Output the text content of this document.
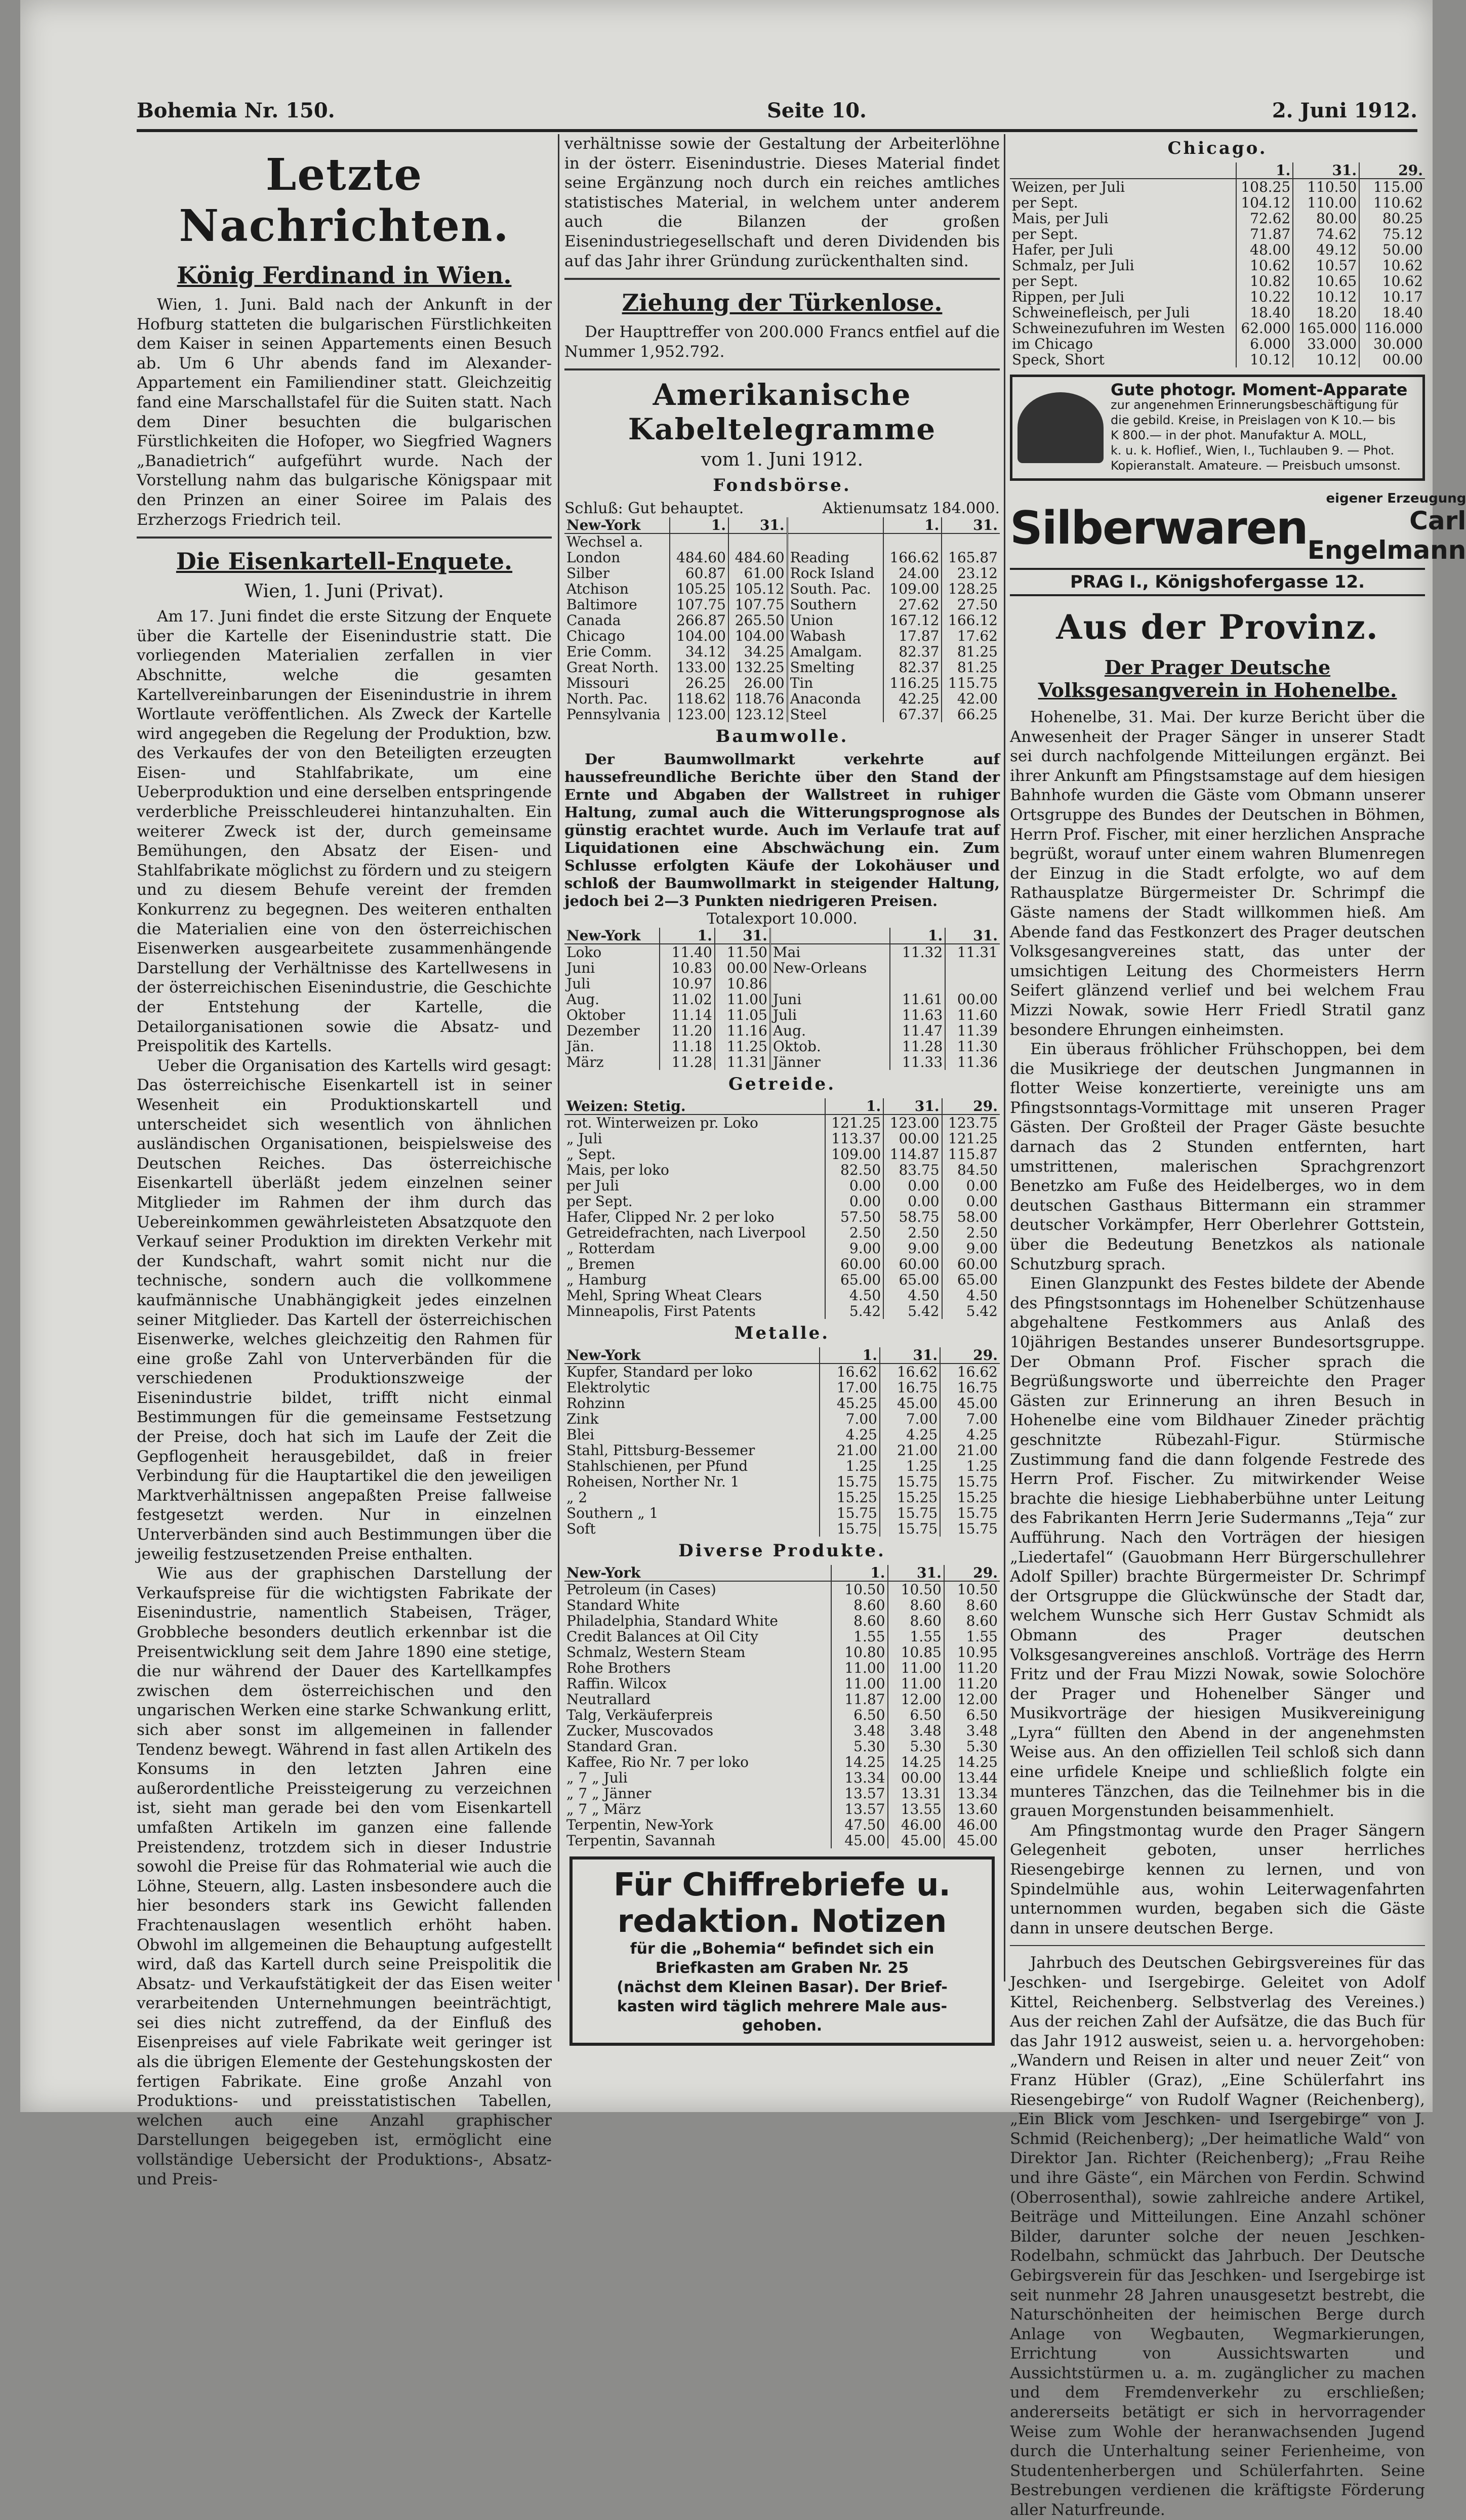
Bohemia Nr. 150.	Seite 10.	2. Juni 1912.
Letzte Nachrichten.
König Ferdinand in Wien.

Wien, 1. Juni. Bald nach der Ankunft in der Hofburg statteten die bulgarischen Fürstlichkeiten dem Kaiser in seinen Appartements einen Besuch ab. Um 6 Uhr abends fand im Alexander-Appartement ein Familiendiner statt. Gleichzeitig fand eine Marschallstafel für die Suiten statt. Nach dem Diner besuchten die bulgarischen Fürstlichkeiten die Hofoper, wo Siegfried Wagners „Banadietrich“ aufgeführt wurde. Nach der Vorstellung nahm das bulgarische Königspaar mit den Prinzen an einer Soiree im Palais des Erzherzogs Friedrich teil.

Die Eisenkartell-Enquete.
Wien, 1. Juni (Privat).

Am 17. Juni findet die erste Sitzung der Enquete über die Kartelle der Eisenindustrie statt. Die vorliegenden Materialien zerfallen in vier Abschnitte, welche die gesamten Kartellvereinbarungen der Eisenindustrie in ihrem Wortlaute veröffentlichen. Als Zweck der Kartelle wird angegeben die Regelung der Produktion, bzw. des Verkaufes der von den Beteiligten erzeugten Eisen- und Stahlfabrikate, um eine Ueberproduktion und eine derselben entspringende verderbliche Preisschleuderei hintanzuhalten. Ein weiterer Zweck ist der, durch gemeinsame Bemühungen, den Absatz der Eisen- und Stahlfabrikate möglichst zu fördern und zu steigern und zu diesem Behufe vereint der fremden Konkurrenz zu begegnen. Des weiteren enthalten die Materialien eine von den österreichischen Eisenwerken ausgearbeitete zusammenhängende Darstellung der Verhältnisse des Kartellwesens in der österreichischen Eisenindustrie, die Geschichte der Entstehung der Kartelle, die Detailorganisationen sowie die Absatz- und Preispolitik des Kartells.

Ueber die Organisation des Kartells wird gesagt: Das österreichische Eisenkartell ist in seiner Wesenheit ein Produktionskartell und unterscheidet sich wesentlich von ähnlichen ausländischen Organisationen, beispielsweise des Deutschen Reiches. Das österreichische Eisenkartell überläßt jedem einzelnen seiner Mitglieder im Rahmen der ihm durch das Uebereinkommen gewährleisteten Absatzquote den Verkauf seiner Produktion im direkten Verkehr mit der Kundschaft, wahrt somit nicht nur die technische, sondern auch die vollkommene kaufmännische Unabhängigkeit jedes einzelnen seiner Mitglieder. Das Kartell der österreichischen Eisenwerke, welches gleichzeitig den Rahmen für eine große Zahl von Unterverbänden für die verschiedenen Produktionszweige der Eisenindustrie bildet, trifft nicht einmal Bestimmungen für die gemeinsame Festsetzung der Preise, doch hat sich im Laufe der Zeit die Gepflogenheit herausgebildet, daß in freier Verbindung für die Hauptartikel die den jeweiligen Marktverhältnissen angepaßten Preise fallweise festgesetzt werden. Nur in einzelnen Unterverbänden sind auch Bestimmungen über die jeweilig festzusetzenden Preise enthalten.

Wie aus der graphischen Darstellung der Verkaufspreise für die wichtigsten Fabrikate der Eisenindustrie, namentlich Stabeisen, Träger, Grobbleche besonders deutlich erkennbar ist die Preisentwicklung seit dem Jahre 1890 eine stetige, die nur während der Dauer des Kartellkampfes zwischen dem österreichischen und den ungarischen Werken eine starke Schwankung erlitt, sich aber sonst im allgemeinen in fallender Tendenz bewegt. Während in fast allen Artikeln des Konsums in den letzten Jahren eine außerordentliche Preissteigerung zu verzeichnen ist, sieht man gerade bei den vom Eisenkartell umfaßten Artikeln im ganzen eine fallende Preistendenz, trotzdem sich in dieser Industrie sowohl die Preise für das Rohmaterial wie auch die Löhne, Steuern, allg. Lasten insbesondere auch die hier besonders stark ins Gewicht fallenden Frachtenauslagen wesentlich erhöht haben. Obwohl im allgemeinen die Behauptung aufgestellt wird, daß das Kartell durch seine Preispolitik die Absatz- und Verkaufstätigkeit der das Eisen weiter verarbeitenden Unternehmungen beeinträchtigt, sei dies nicht zutreffend, da der Einfluß des Eisenpreises auf viele Fabrikate weit geringer ist als die übrigen Elemente der Gestehungskosten der fertigen Fabrikate. Eine große Anzahl von Produktions- und preisstatistischen Tabellen, welchen auch eine Anzahl graphischer Darstellungen beigegeben ist, ermöglicht eine vollständige Uebersicht der Produktions-, Absatz- und Preis-

verhältnisse sowie der Gestaltung der Arbeiterlöhne in der österr. Eisenindustrie. Dieses Material findet seine Ergänzung noch durch ein reiches amtliches statistisches Material, in welchem unter anderem auch die Bilanzen der großen Eisenindustriegesellschaft und deren Dividenden bis auf das Jahr ihrer Gründung zurückenthalten sind.

Ziehung der Türkenlose.

Der Haupttreffer von 200.000 Francs entfiel auf die Nummer 1,952.792.

Amerikanische Kabeltelegramme
vom 1. Juni 1912.
Fondsbörse.
Schluß: Gut behauptet.	Aktienumsatz 184.000.
New-York	1.	31.		1.	31.
Wechsel a.					
London	484.60	484.60	Reading	166.62	165.87
Silber	60.87	61.00	Rock Island	24.00	23.12
Atchison	105.25	105.12	South. Pac.	109.00	128.25
Baltimore	107.75	107.75	Southern	27.62	27.50
Canada	266.87	265.50	Union	167.12	166.12
Chicago	104.00	104.00	Wabash	17.87	17.62
Erie Comm.	34.12	34.25	Amalgam.	82.37	81.25
Great North.	133.00	132.25	Smelting	82.37	81.25
Missouri	26.25	26.00	Tin	116.25	115.75
North. Pac.	118.62	118.76	Anaconda	42.25	42.00
Pennsylvania	123.00	123.12	Steel	67.37	66.25
Baumwolle.

Der Baumwollmarkt verkehrte auf haussefreundliche Berichte über den Stand der Ernte und Abgaben der Wallstreet in ruhiger Haltung, zumal auch die Witterungsprognose als günstig erachtet wurde. Auch im Verlaufe trat auf Liquidationen eine Abschwächung ein. Zum Schlusse erfolgten Käufe der Lokohäuser und schloß der Baumwollmarkt in steigender Haltung, jedoch bei 2—3 Punkten niedrigeren Preisen.

Totalexport 10.000.
New-York	1.	31.		1.	31.
Loko	11.40	11.50	Mai	11.32	11.31
Juni	10.83	00.00	New-Orleans		
Juli	10.97	10.86			
Aug.	11.02	11.00	Juni	11.61	00.00
Oktober	11.14	11.05	Juli	11.63	11.60
Dezember	11.20	11.16	Aug.	11.47	11.39
Jän.	11.18	11.25	Oktob.	11.28	11.30
März	11.28	11.31	Jänner	11.33	11.36
Getreide.
Weizen: Stetig.	1.	31.	29.
rot. Winterweizen pr. Loko	121.25	123.00	123.75
„ Juli	113.37	00.00	121.25
„ Sept.	109.00	114.87	115.87
Mais, per loko	82.50	83.75	84.50
per Juli	0.00	0.00	0.00
per Sept.	0.00	0.00	0.00
Hafer, Clipped Nr. 2 per loko	57.50	58.75	58.00
Getreidefrachten, nach Liverpool	2.50	2.50	2.50
„ Rotterdam	9.00	9.00	9.00
„ Bremen	60.00	60.00	60.00
„ Hamburg	65.00	65.00	65.00
Mehl, Spring Wheat Clears	4.50	4.50	4.50
Minneapolis, First Patents	5.42	5.42	5.42
Metalle.
New-York	1.	31.	29.
Kupfer, Standard per loko	16.62	16.62	16.62
Elektrolytic	17.00	16.75	16.75
Rohzinn	45.25	45.00	45.00
Zink	7.00	7.00	7.00
Blei	4.25	4.25	4.25
Stahl, Pittsburg-Bessemer	21.00	21.00	21.00
Stahlschienen, per Pfund	1.25	1.25	1.25
Roheisen, Norther Nr. 1	15.75	15.75	15.75
„ 2	15.25	15.25	15.25
Southern „ 1	15.75	15.75	15.75
Soft	15.75	15.75	15.75
Diverse Produkte.
New-York	1.	31.	29.
Petroleum (in Cases)	10.50	10.50	10.50
Standard White	8.60	8.60	8.60
Philadelphia, Standard White	8.60	8.60	8.60
Credit Balances at Oil City	1.55	1.55	1.55
Schmalz, Western Steam	10.80	10.85	10.95
Rohe Brothers	11.00	11.00	11.20
Raffin. Wilcox	11.00	11.00	11.20
Neutrallard	11.87	12.00	12.00
Talg, Verkäuferpreis	6.50	6.50	6.50
Zucker, Muscovados	3.48	3.48	3.48
Standard Gran.	5.30	5.30	5.30
Kaffee, Rio Nr. 7 per loko	14.25	14.25	14.25
„ 7 „ Juli	13.34	00.00	13.44
„ 7 „ Jänner	13.57	13.31	13.34
„ 7 „ März	13.57	13.55	13.60
Terpentin, New-York	47.50	46.00	46.00
Terpentin, Savannah	45.00	45.00	45.00
Für Chiffrebriefe u.
redaktion. Notizen
für die „Bohemia“ befindet sich ein
Briefkasten am Graben Nr. 25
(nächst dem Kleinen Basar). Der Brief-
kasten wird täglich mehrere Male aus-
gehoben.
Chicago.
	1.	31.	29.
Weizen, per Juli	108.25	110.50	115.00
per Sept.	104.12	110.00	110.62
Mais, per Juli	72.62	80.00	80.25
per Sept.	71.87	74.62	75.12
Hafer, per Juli	48.00	49.12	50.00
Schmalz, per Juli	10.62	10.57	10.62
per Sept.	10.82	10.65	10.62
Rippen, per Juli	10.22	10.12	10.17
Schweinefleisch, per Juli	18.40	18.20	18.40
Schweinezufuhren im Westen	62.000	165.000	116.000
im Chicago	6.000	33.000	30.000
Speck, Short	10.12	10.12	00.00
Gute photogr. Moment-Apparate
zur angenehmen Erinnerungsbeschäftigung für
die gebild. Kreise, in Preislagen von K 10.— bis
K 800.— in der phot. Manufaktur A. MOLL,
k. u. k. Hoflief., Wien, I., Tuchlauben 9. — Phot.
Kopieranstalt. Amateure. — Preisbuch umsonst.
Silberwaren
eigener Erzeugung
Carl Engelmann
PRAG I., Königshofergasse 12.
Aus der Provinz.
Der Prager Deutsche Volksgesangverein in Hohenelbe.

Hohenelbe, 31. Mai. Der kurze Bericht über die Anwesenheit der Prager Sänger in unserer Stadt sei durch nachfolgende Mitteilungen ergänzt. Bei ihrer Ankunft am Pfingstsamstage auf dem hiesigen Bahnhofe wurden die Gäste vom Obmann unserer Ortsgruppe des Bundes der Deutschen in Böhmen, Herrn Prof. Fischer, mit einer herzlichen Ansprache begrüßt, worauf unter einem wahren Blumenregen der Einzug in die Stadt erfolgte, wo auf dem Rathausplatze Bürgermeister Dr. Schrimpf die Gäste namens der Stadt willkommen hieß. Am Abende fand das Festkonzert des Prager deutschen Volksgesangvereines statt, das unter der umsichtigen Leitung des Chormeisters Herrn Seifert glänzend verlief und bei welchem Frau Mizzi Nowak, sowie Herr Friedl Stratil ganz besondere Ehrungen einheimsten.

Ein überaus fröhlicher Frühschoppen, bei dem die Musikriege der deutschen Jungmannen in flotter Weise konzertierte, vereinigte uns am Pfingstsonntags-Vormittage mit unseren Prager Gästen. Der Großteil der Prager Gäste besuchte darnach das 2 Stunden entfernten, hart umstrittenen, malerischen Sprachgrenzort Benetzko am Fuße des Heidelberges, wo in dem deutschen Gasthaus Bittermann ein strammer deutscher Vorkämpfer, Herr Oberlehrer Gottstein, über die Bedeutung Benetzkos als nationale Schutzburg sprach.

Einen Glanzpunkt des Festes bildete der Abende des Pfingstsonntags im Hohenelber Schützenhause abgehaltene Festkommers aus Anlaß des 10jährigen Bestandes unserer Bundesortsgruppe. Der Obmann Prof. Fischer sprach die Begrüßungsworte und überreichte den Prager Gästen zur Erinnerung an ihren Besuch in Hohenelbe eine vom Bildhauer Zineder prächtig geschnitzte Rübezahl-Figur. Stürmische Zustimmung fand die dann folgende Festrede des Herrn Prof. Fischer. Zu mitwirkender Weise brachte die hiesige Liebhaberbühne unter Leitung des Fabrikanten Herrn Jerie Sudermanns „Teja“ zur Aufführung. Nach den Vorträgen der hiesigen „Liedertafel“ (Gauobmann Herr Bürgerschullehrer Adolf Spiller) brachte Bürgermeister Dr. Schrimpf der Ortsgruppe die Glückwünsche der Stadt dar, welchem Wunsche sich Herr Gustav Schmidt als Obmann des Prager deutschen Volksgesangvereines anschloß. Vorträge des Herrn Fritz und der Frau Mizzi Nowak, sowie Solochöre der Prager und Hohenelber Sänger und Musikvorträge der hiesigen Musikvereinigung „Lyra“ füllten den Abend in der angenehmsten Weise aus. An den offiziellen Teil schloß sich dann eine urfidele Kneipe und schließlich folgte ein munteres Tänzchen, das die Teilnehmer bis in die grauen Morgenstunden beisammenhielt.

Am Pfingstmontag wurde den Prager Sängern Gelegenheit geboten, unser herrliches Riesengebirge kennen zu lernen, und von Spindelmühle aus, wohin Leiterwagenfahrten unternommen wurden, begaben sich die Gäste dann in unsere deutschen Berge.

Jahrbuch des Deutschen Gebirgsvereines für das Jeschken- und Isergebirge. Geleitet von Adolf Kittel, Reichenberg. Selbstverlag des Vereines.) Aus der reichen Zahl der Aufsätze, die das Buch für das Jahr 1912 ausweist, seien u. a. hervorgehoben: „Wandern und Reisen in alter und neuer Zeit“ von Franz Hübler (Graz), „Eine Schülerfahrt ins Riesengebirge“ von Rudolf Wagner (Reichenberg), „Ein Blick vom Jeschken- und Isergebirge“ von J. Schmid (Reichenberg); „Der heimatliche Wald“ von Direktor Jan. Richter (Reichenberg); „Frau Reihe und ihre Gäste“, ein Märchen von Ferdin. Schwind (Oberrosenthal), sowie zahlreiche andere Artikel, Beiträge und Mitteilungen. Eine Anzahl schöner Bilder, darunter solche der neuen Jeschken-Rodelbahn, schmückt das Jahrbuch. Der Deutsche Gebirgsverein für das Jeschken- und Isergebirge ist seit nunmehr 28 Jahren unausgesetzt bestrebt, die Naturschönheiten der heimischen Berge durch Anlage von Wegbauten, Wegmarkierungen, Errichtung von Aussichtswarten und Aussichtstürmen u. a. m. zugänglicher zu machen und dem Fremdenverkehr zu erschließen; andererseits betätigt er sich in hervorragender Weise zum Wohle der heranwachsenden Jugend durch die Unterhaltung seiner Ferienheime, von Studentenherbergen und Schülerfahrten. Seine Bestrebungen verdienen die kräftigste Förderung aller Naturfreunde.
